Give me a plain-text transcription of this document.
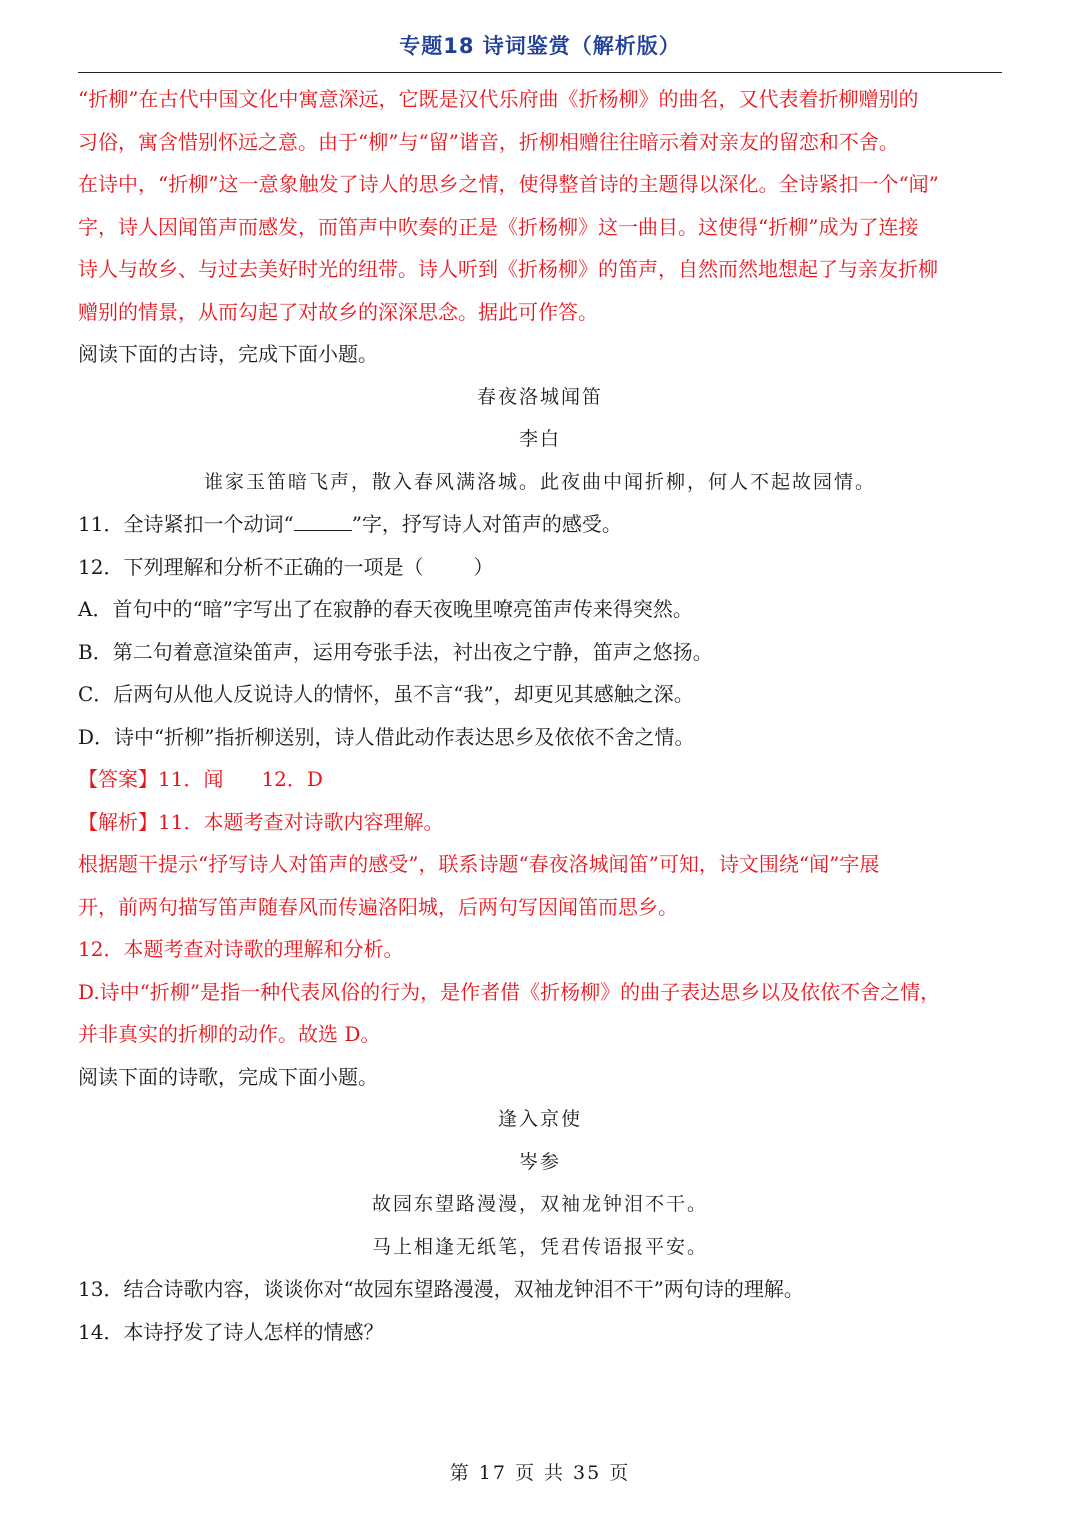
专题18 诗词鉴赏（解析版）

“折柳”在古代中国文化中寓意深远，它既是汉代乐府曲《折杨柳》的曲名，又代表着折柳赠别的

习俗，寓含惜别怀远之意。由于“柳”与“留”谐音，折柳相赠往往暗示着对亲友的留恋和不舍。

在诗中，“折柳”这一意象触发了诗人的思乡之情，使得整首诗的主题得以深化。全诗紧扣一个“闻”

字，诗人因闻笛声而感发，而笛声中吹奏的正是《折杨柳》这一曲目。这使得“折柳”成为了连接

诗人与故乡、与过去美好时光的纽带。诗人听到《折杨柳》的笛声，自然而然地想起了与亲友折柳

赠别的情景，从而勾起了对故乡的深深思念。据此可作答。

阅读下面的古诗，完成下面小题。

春夜洛城闻笛

李白

谁家玉笛暗飞声，散入春风满洛城。此夜曲中闻折柳，何人不起故园情。

11．全诗紧扣一个动词“	”字，抒写诗人对笛声的感受。

12．下列理解和分析不正确的一项是（	）

A．首句中的“暗”字写出了在寂静的春天夜晚里嘹亮笛声传来得突然。

B．第二句着意渲染笛声，运用夸张手法，衬出夜之宁静，笛声之悠扬。

C．后两句从他人反说诗人的情怀，虽不言“我”，却更见其感触之深。

D．诗中“折柳”指折柳送别，诗人借此动作表达思乡及依依不舍之情。

【答案】11．闻 12．D

【解析】11．本题考查对诗歌内容理解。

根据题干提示“抒写诗人对笛声的感受”，联系诗题“春夜洛城闻笛”可知，诗文围绕“闻”字展

开，前两句描写笛声随春风而传遍洛阳城，后两句写因闻笛而思乡。

12．本题考查对诗歌的理解和分析。

D.诗中“折柳”是指一种代表风俗的行为，是作者借《折杨柳》的曲子表达思乡以及依依不舍之情，

并非真实的折柳的动作。故选 D。

阅读下面的诗歌，完成下面小题。

逢入京使

岑参

故园东望路漫漫，双袖龙钟泪不干。

马上相逢无纸笔，凭君传语报平安。

13．结合诗歌内容，谈谈你对“故园东望路漫漫，双袖龙钟泪不干”两句诗的理解。

14．本诗抒发了诗人怎样的情感？

第 17 页 共 35 页
